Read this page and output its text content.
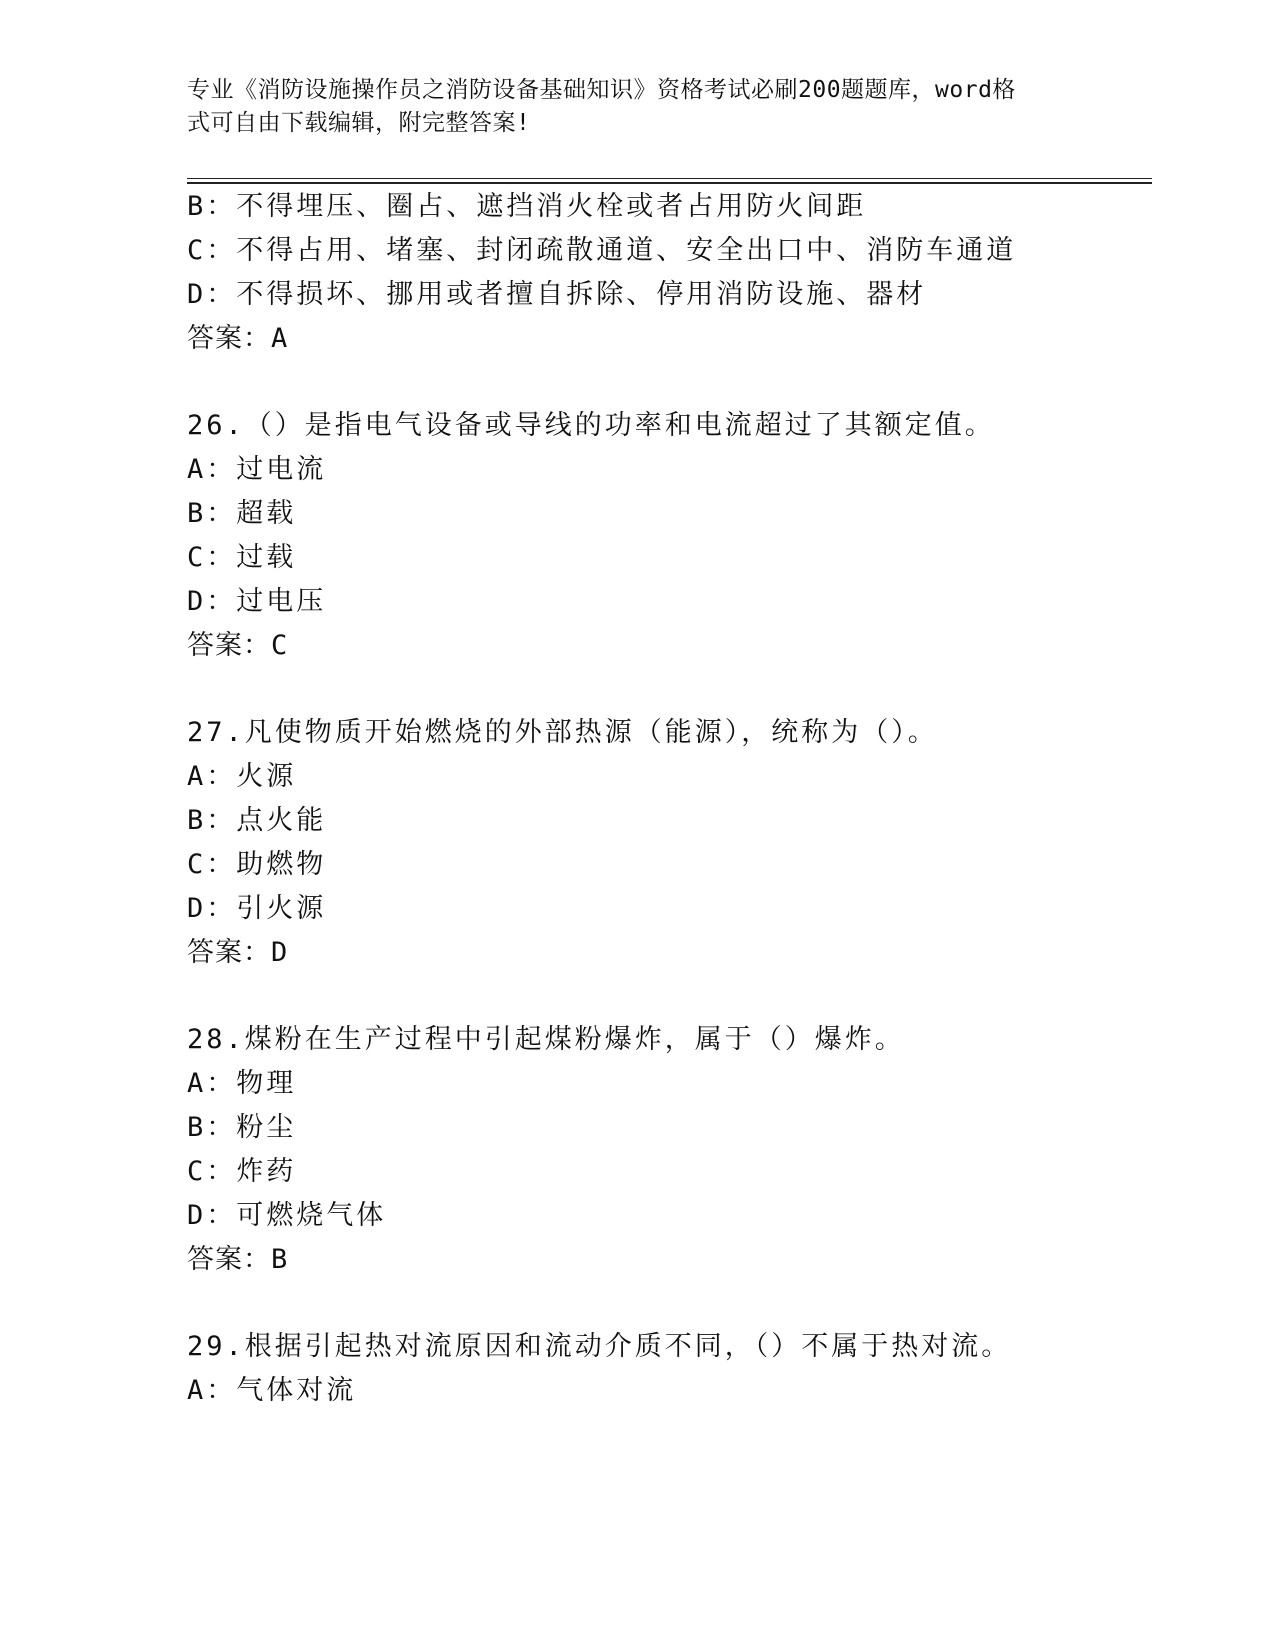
专业《消防设施操作员之消防设备基础知识》资格考试必刷200题题库，word格
式可自由下载编辑，附完整答案!
B：不得埋压、圈占、遮挡消火栓或者占用防火间距
C：不得占用、堵塞、封闭疏散通道、安全出口中、消防车通道
D：不得损坏、挪用或者擅自拆除、停用消防设施、器材
答案：A
26.（）是指电气设备或导线的功率和电流超过了其额定值。
A：过电流
B：超载
C：过载
D：过电压
答案：C
27.凡使物质开始燃烧的外部热源（能源），统称为（）。
A：火源
B：点火能
C：助燃物
D：引火源
答案：D
28.煤粉在生产过程中引起煤粉爆炸，属于（）爆炸。
A：物理
B：粉尘
C：炸药
D：可燃烧气体
答案：B
29.根据引起热对流原因和流动介质不同，（）不属于热对流。
A：气体对流
